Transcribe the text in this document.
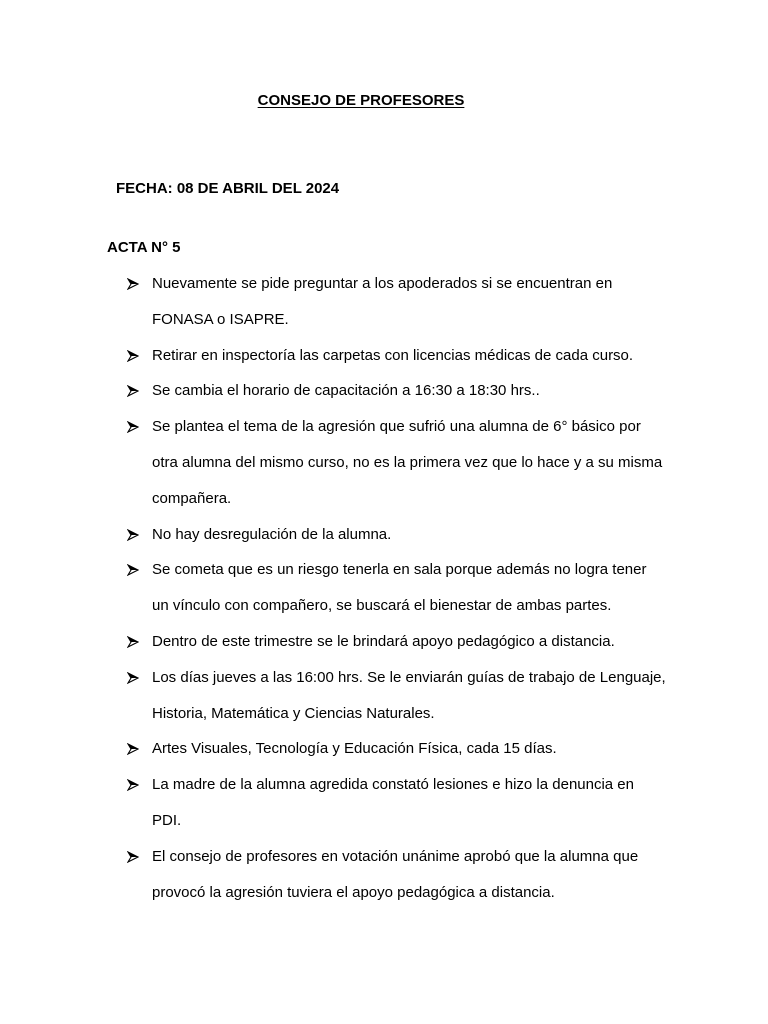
CONSEJO DE PROFESORES
FECHA: 08 DE ABRIL DEL 2024
ACTA N° 5
Nuevamente se pide preguntar a los apoderados si se encuentran en FONASA o ISAPRE.
Retirar en inspectoría las carpetas con licencias médicas de cada curso.
Se cambia el horario de capacitación a 16:30 a 18:30 hrs..
Se plantea el tema de la agresión que sufrió una alumna de 6° básico por otra alumna del mismo curso, no es la primera vez que lo hace y a su misma compañera.
No hay desregulación de la alumna.
Se cometa que es un riesgo tenerla en sala porque además no logra tener un vínculo con compañero, se buscará el bienestar de ambas partes.
Dentro de este trimestre se le brindará apoyo pedagógico a distancia.
Los días jueves a las 16:00 hrs. Se le enviarán guías de trabajo de Lenguaje, Historia, Matemática y Ciencias Naturales.
Artes Visuales, Tecnología y Educación Física, cada 15 días.
La madre de la alumna agredida constató lesiones e hizo la denuncia en PDI.
El consejo de profesores en votación unánime aprobó que la alumna que provocó la agresión tuviera el apoyo pedagógica a distancia.
